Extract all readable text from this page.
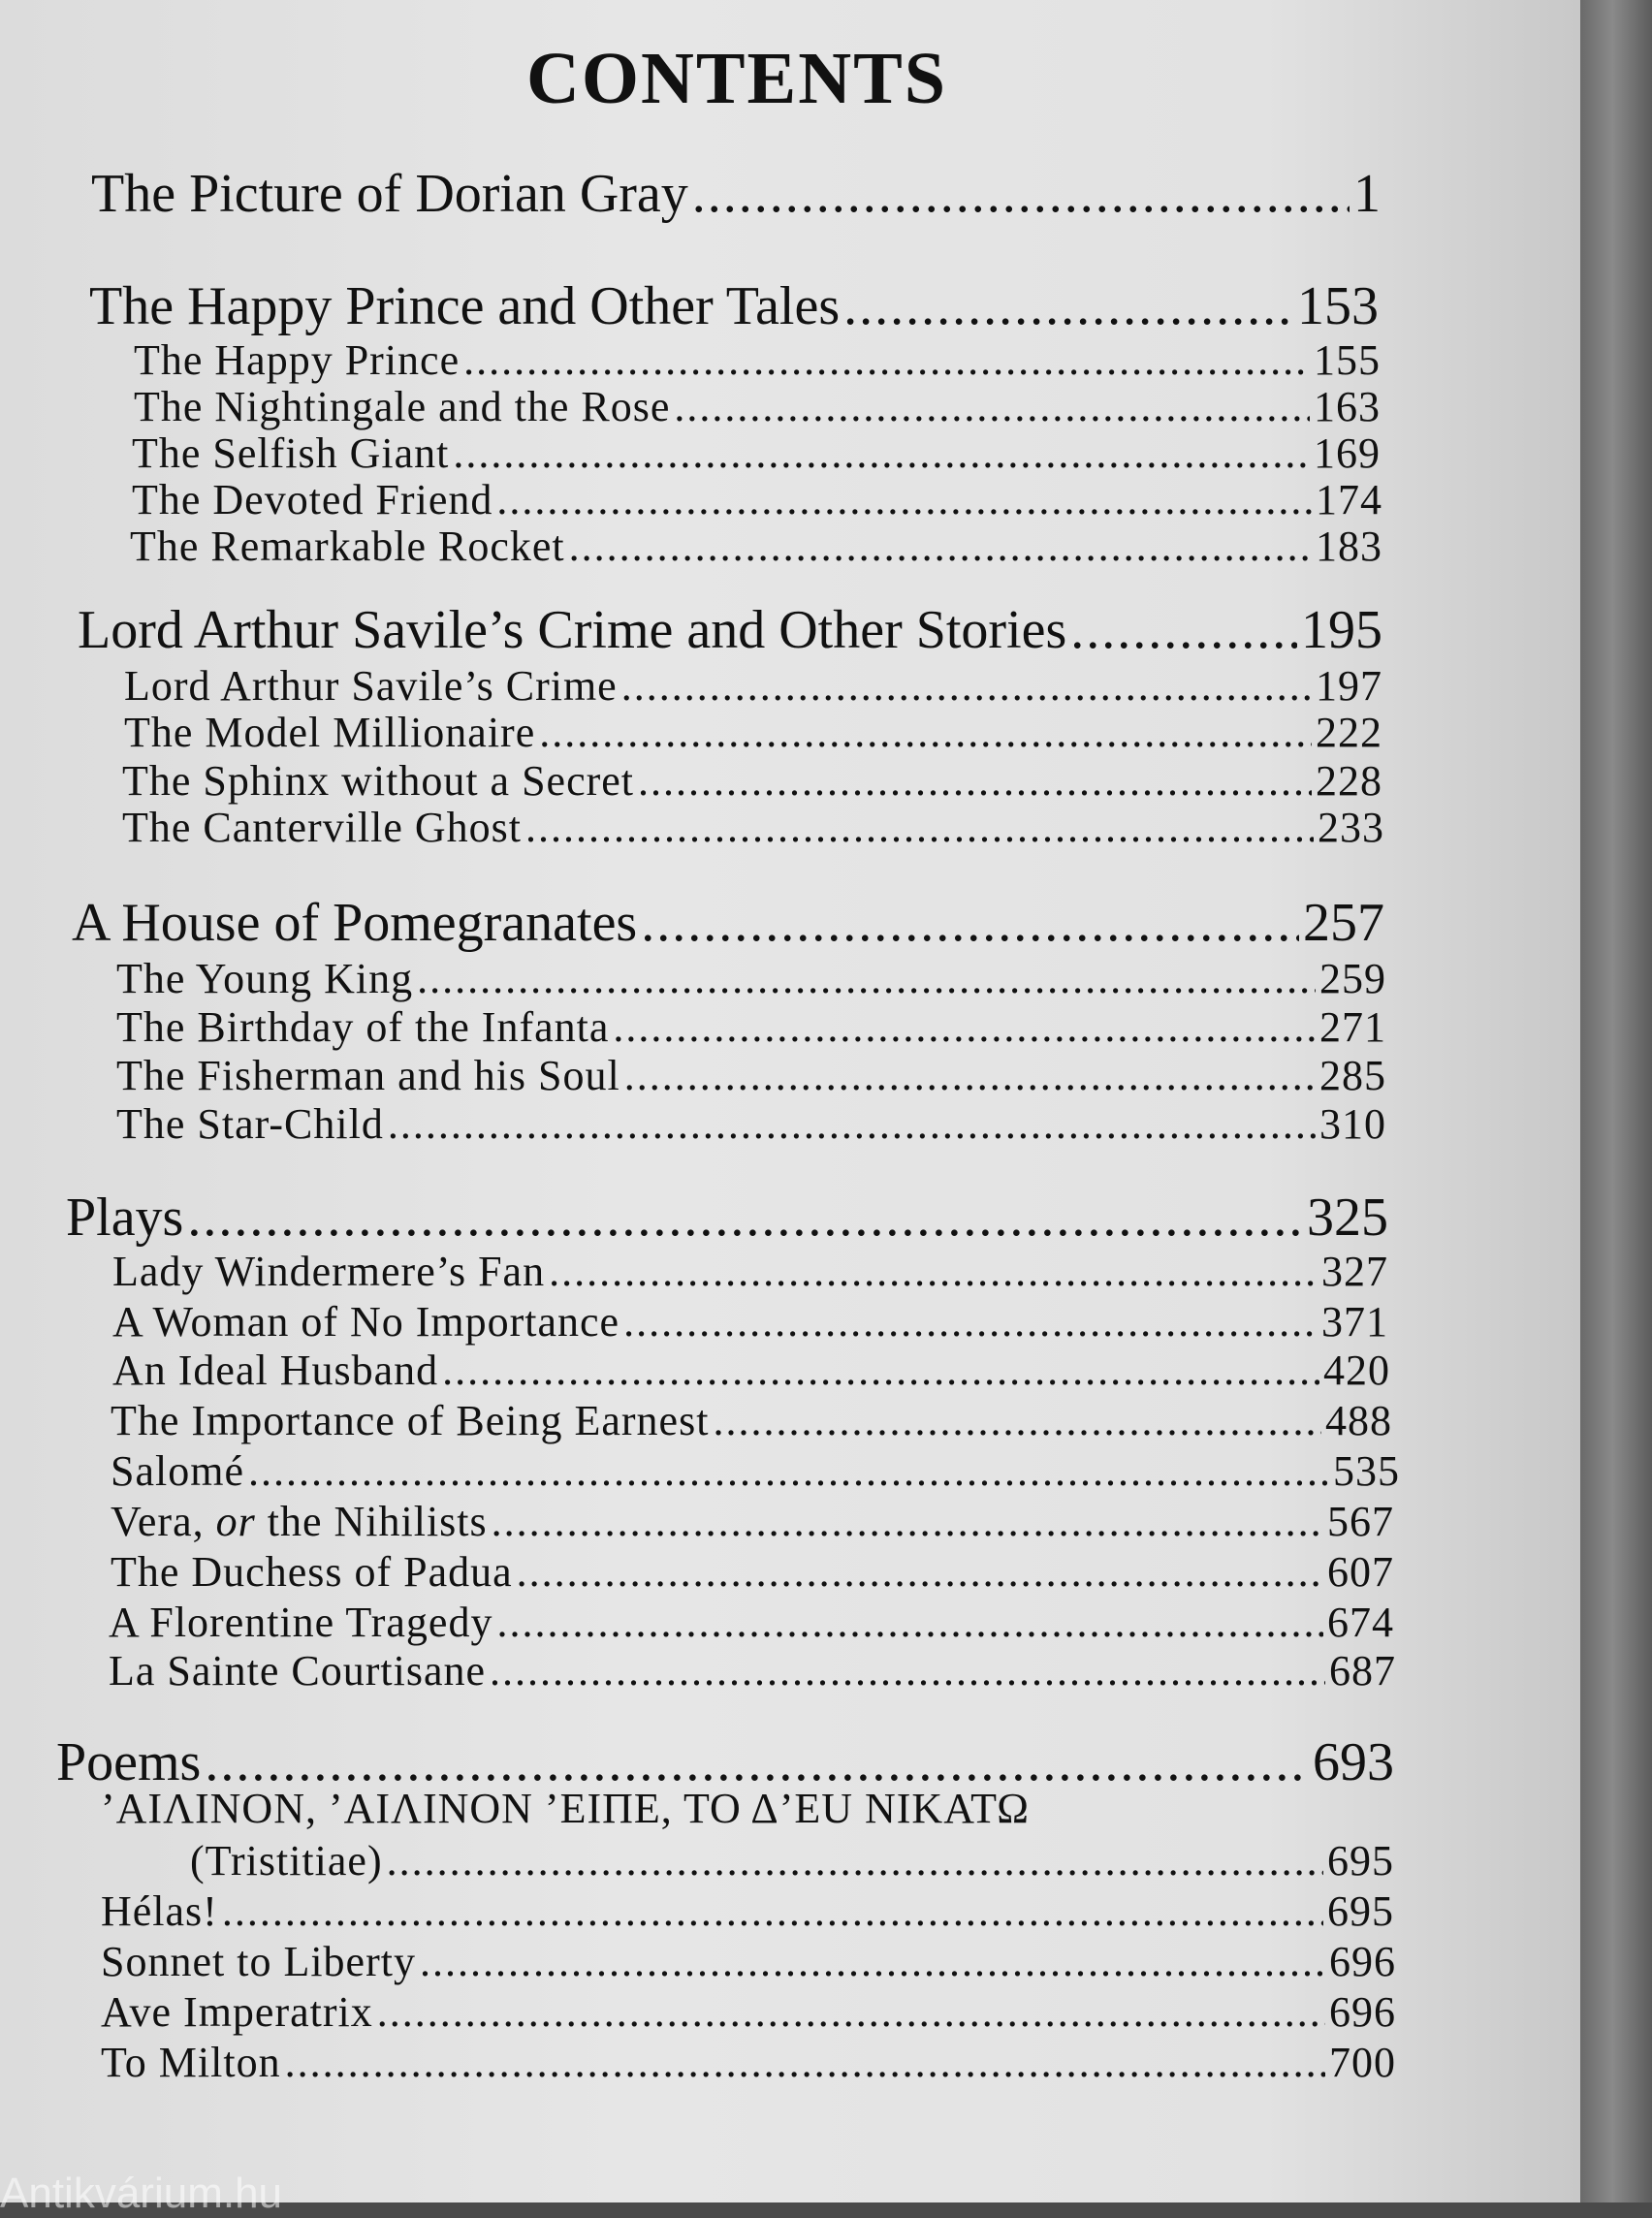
CONTENTS
The Picture of Dorian Gray .....	1
The Happy Prince and Other Tales .....	153
The Happy Prince .....	155
The Nightingale and the Rose .....	163
The Selfish Giant .....	169
The Devoted Friend .....	174
The Remarkable Rocket .....	183
Lord Arthur Savile’s Crime and Other Stories .....	195
Lord Arthur Savile’s Crime .....	197
The Model Millionaire .....	222
The Sphinx without a Secret .....	228
The Canterville Ghost .....	233
A House of Pomegranates .....	257
The Young King .....	259
The Birthday of the Infanta .....	271
The Fisherman and his Soul .....	285
The Star-Child .....	310
Plays .....	325
Lady Windermere’s Fan .....	327
A Woman of No Importance .....	371
An Ideal Husband .....	420
The Importance of Being Earnest .....	488
Salomé .....	535
Vera, or the Nihilists .....	567
The Duchess of Padua .....	607
A Florentine Tragedy .....	674
La Sainte Courtisane .....	687
Poems .....	693
’ΑΙΛΙΝΟΝ, ’ΑΙΛΙΝΟΝ ’ΕΙΠΕ, ΤΟ Δ’ΕU ΝΙΚΑΤΩ
(Tristitiae) .....	695
Hélas! .....	695
Sonnet to Liberty .....	696
Ave Imperatrix .....	696
To Milton .....	700
Antikvárium.hu
